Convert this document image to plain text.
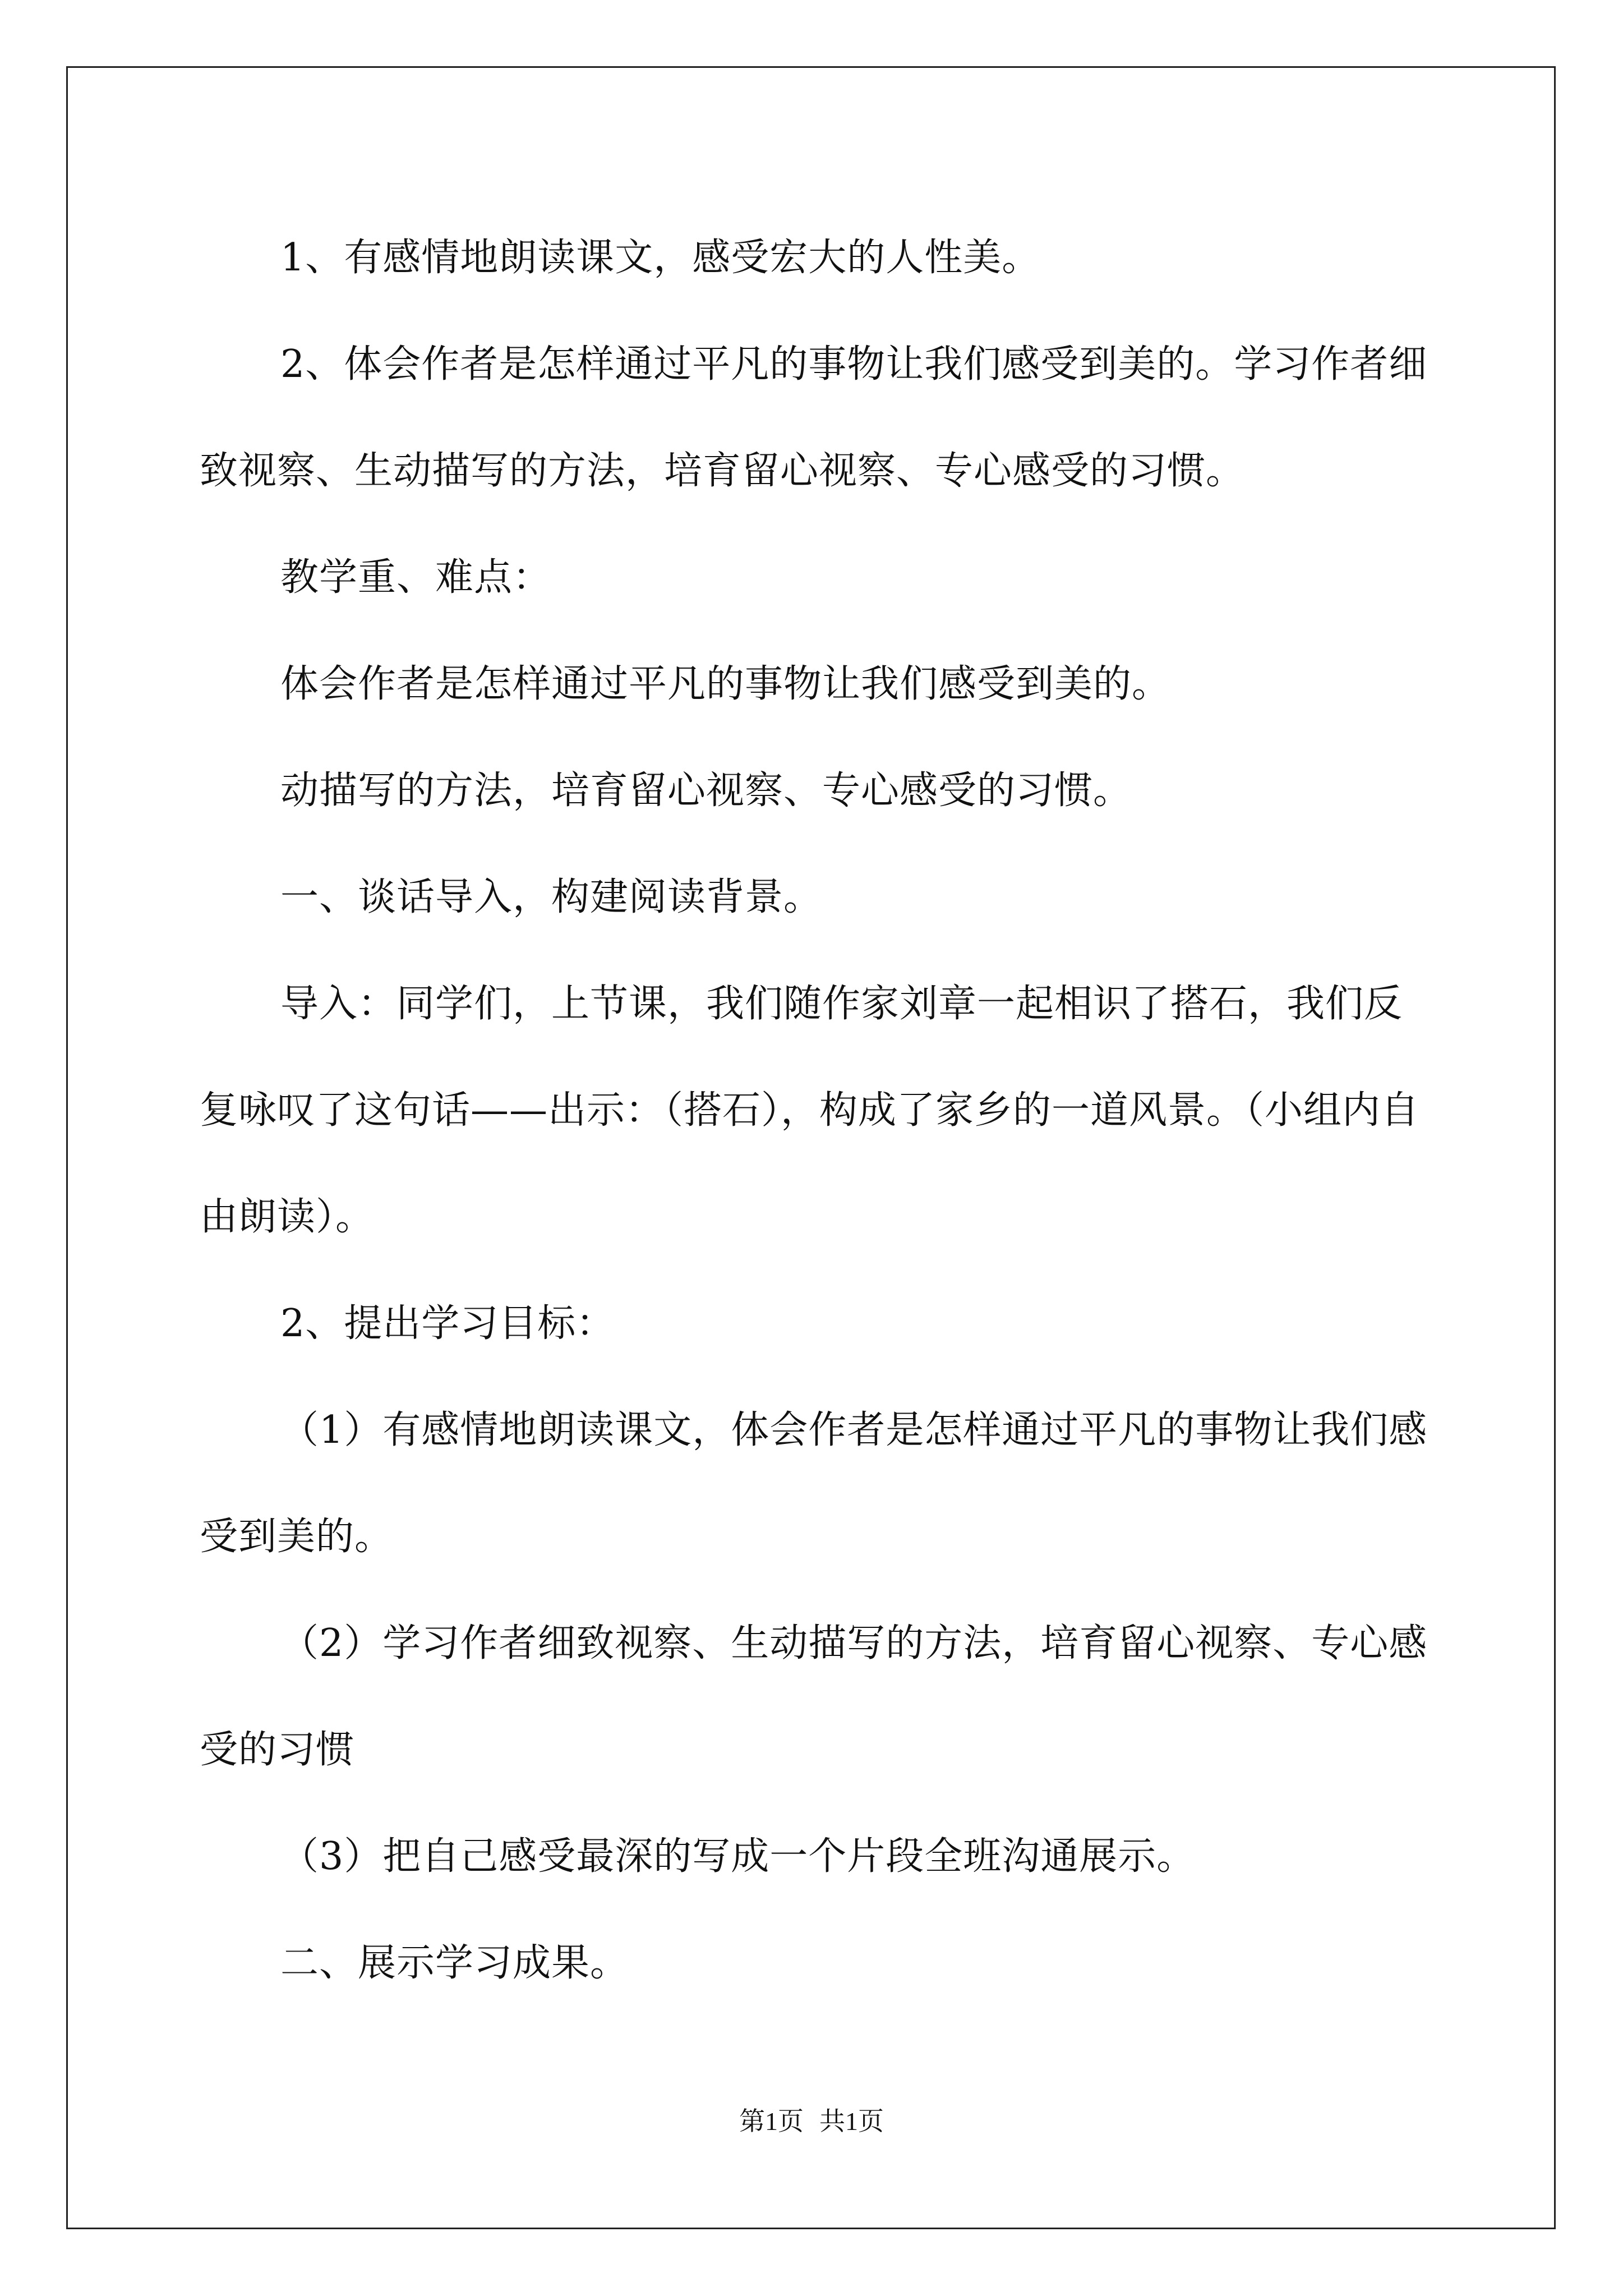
1、有感情地朗读课文，感受宏大的人性美。

2、体会作者是怎样通过平凡的事物让我们感受到美的。学习作者细致视察、生动描写的方法，培育留心视察、专心感受的习惯。

教学重、难点：

体会作者是怎样通过平凡的事物让我们感受到美的。

动描写的方法，培育留心视察、专心感受的习惯。

一、谈话导入，构建阅读背景。

导入：同学们，上节课，我们随作家刘章一起相识了搭石，我们反复咏叹了这句话——出示：（搭石），构成了家乡的一道风景。（小组内自由朗读）。

2、提出学习目标：

（1）有感情地朗读课文，体会作者是怎样通过平凡的事物让我们感受到美的。

（2）学习作者细致视察、生动描写的方法，培育留心视察、专心感受的习惯

（3）把自己感受最深的写成一个片段全班沟通展示。

二、展示学习成果。

第1页 共1页
